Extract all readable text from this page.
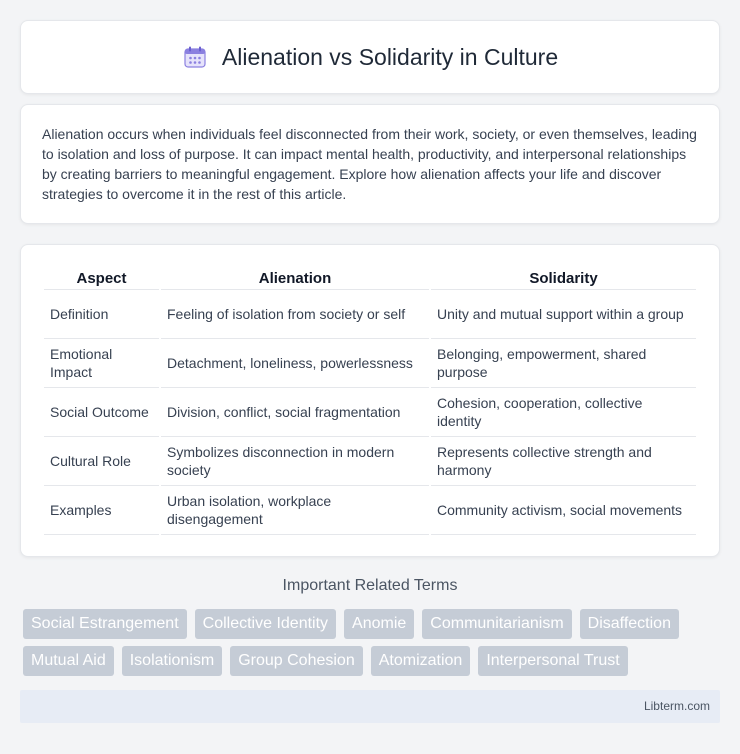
Alienation vs Solidarity in Culture

Alienation occurs when individuals feel disconnected from their work, society, or even themselves, leading to isolation and loss of purpose. It can impact mental health, productivity, and interpersonal relationships by creating barriers to meaningful engagement. Explore how alienation affects your life and discover strategies to overcome it in the rest of this article.

Aspect	Alienation	Solidarity
Definition	Feeling of isolation from society or self	Unity and mutual support within a group
Emotional Impact	Detachment, loneliness, powerlessness	Belonging, empowerment, shared purpose
Social Outcome	Division, conflict, social fragmentation	Cohesion, cooperation, collective identity
Cultural Role	Symbolizes disconnection in modern society	Represents collective strength and harmony
Examples	Urban isolation, workplace disengagement	Community activism, social movements
Important Related Terms
Social Estrangement	Collective Identity	Anomie	Communitarianism	Disaffection
Mutual Aid	Isolationism	Group Cohesion	Atomization	Interpersonal Trust
Libterm.com
